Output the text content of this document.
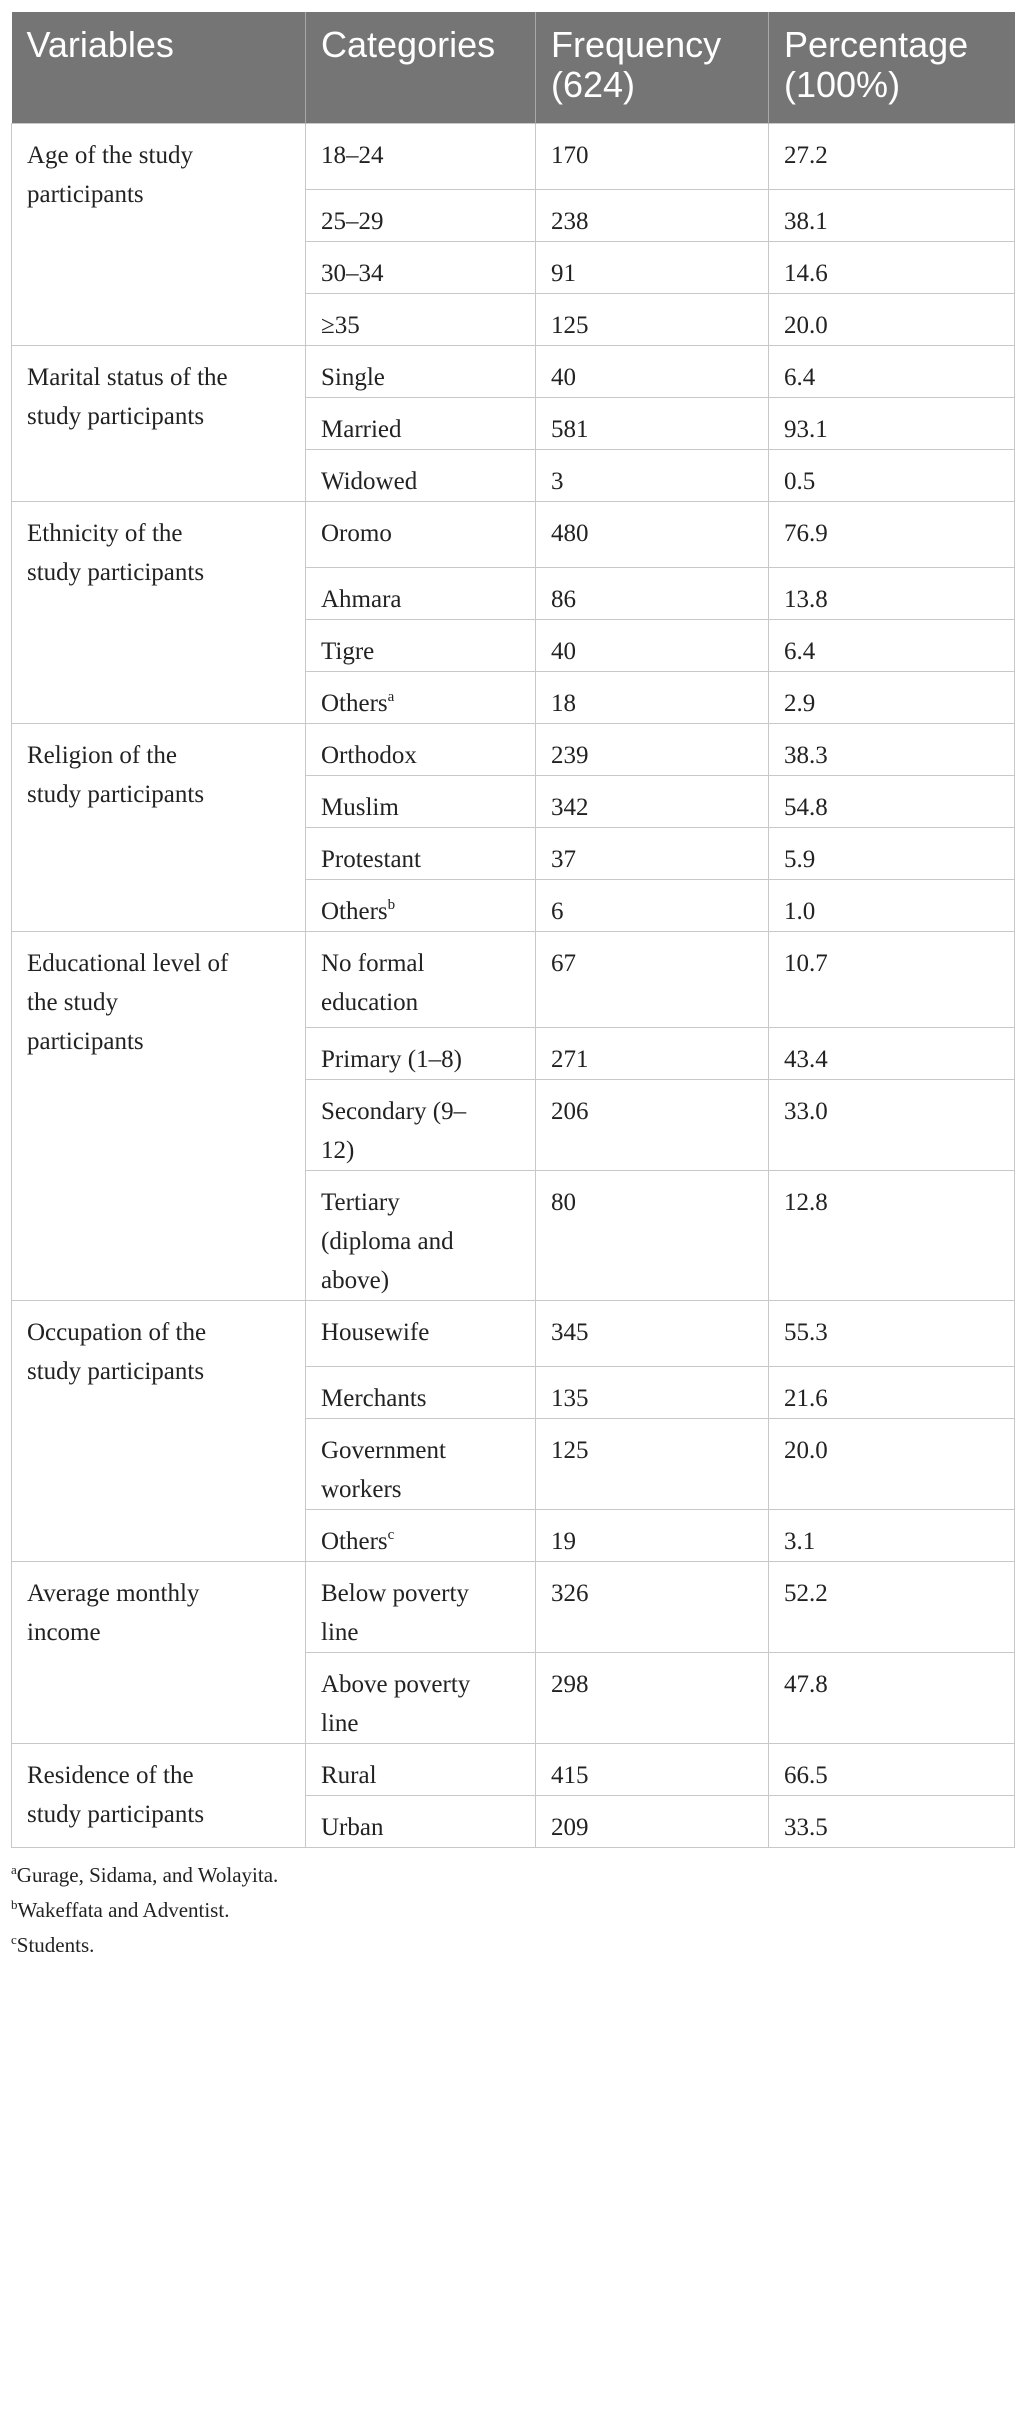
Variables	Categories	Frequency (624)	Percentage (100%)
Age of the study participants	18–24	170	27.2
	25–29	238	38.1
	30–34	91	14.6
	≥35	125	20.0
Marital status of the study participants	Single	40	6.4
	Married	581	93.1
	Widowed	3	0.5
Ethnicity of the study participants	Oromo	480	76.9
	Ahmara	86	13.8
	Tigre	40	6.4
	Others$^a$	18	2.9
Religion of the study participants	Orthodox	239	38.3
	Muslim	342	54.8
	Protestant	37	5.9
	Others$^b$	6	1.0
Educational level of the study participants	No formal education	67	10.7
	Primary (1–8)	271	43.4
	Secondary (9–12)	206	33.0
	Tertiary (diploma and above)	80	12.8
Occupation of the study participants	Housewife	345	55.3
	Merchants	135	21.6
	Government workers	125	20.0
	Others$^c$	19	3.1
Average monthly income	Below poverty line	326	52.2
	Above poverty line	298	47.8
Residence of the study participants	Rural	415	66.5
	Urban	209	33.5
$^a$Gurage, Sidama, and Wolayita.
$^b$Wakeffata and Adventist.
$^c$Students.
